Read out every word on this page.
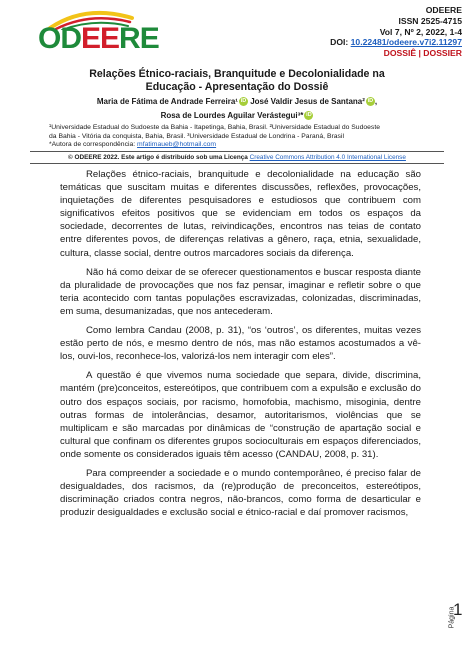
ODEERE
ODEERE
ISSN 2525-4715
Vol 7, Nº 2, 2022, 1-4
DOI: 10.22481/odeere.v7i2.11297
DOSSIÊ | DOSSIER
Relações Étnico-raciais, Branquitude e Decolonialidade na
Educação - Apresentação do Dossiê
Maria de Fátima de Andrade Ferreira¹ iD José Valdir Jesus de Santana² iD ,
Rosa de Lourdes Aguilar Verástegui³* iD
¹Universidade Estadual do Sudoeste da Bahia - Itapetinga, Bahia, Brasil. ²Universidade Estadual do Sudoeste
da Bahia - Vitória da conquista, Bahia, Brasil. ³Universidade Estadual de Londrina - Paraná, Brasil
*Autora de correspondência: mfatimaueb@hotmail.com
© ODEERE 2022. Este artigo é distribuído sob uma Licença Creative Commons Attribution 4.0 International License

Relações étnico-raciais, branquitude e decolonialidade na educação são temáticas que suscitam muitas e diferentes discussões, reflexões, provocações, inquietações de diferentes pesquisadores e estudiosos que contribuem com significativos efeitos positivos que se evidenciam em todos os espaços da sociedade, decorrentes de lutas, reivindicações, encontros nas teias de contato entre diferentes povos, de diferenças relativas a gênero, raça, etnia, sexualidade, cultura, classe social, dentre outros marcadores sociais da diferença.

Não há como deixar de se oferecer questionamentos e buscar resposta diante da pluralidade de provocações que nos faz pensar, imaginar e refletir sobre o que teria acontecido com tantas populações escravizadas, colonizadas, discriminadas, em suma, desumanizadas, que nos antecederam.

Como lembra Candau (2008, p. 31), “os ‘outros’, os diferentes, muitas vezes estão perto de nós, e mesmo dentro de nós, mas não estamos acostumados a vê-los, ouvi-los, reconhece-los, valorizá-los nem interagir com eles”.

A questão é que vivemos numa sociedade que separa, divide, discrimina, mantém (pre)conceitos, estereótipos, que contribuem com a expulsão e exclusão do outro dos espaços sociais, por racismo, homofobia, machismo, misoginia, dentre outras formas de intolerâncias, desamor, autoritarismos, violências que se multiplicam e são marcadas por dinâmicas de “construção de apartação social e cultural que confinam os diferentes grupos socioculturais em espaços diferenciados, onde somente os considerados iguais têm acesso (CANDAU, 2008, p. 31).

Para compreender a sociedade e o mundo contemporâneo, é preciso falar de desigualdades, dos racismos, da (re)produção de preconceitos, estereótipos, discriminação criados contra negros, não-brancos, como forma de desarticular e produzir desigualdades e exclusão social e étnico-racial e daí promover racismos,

Página
1
